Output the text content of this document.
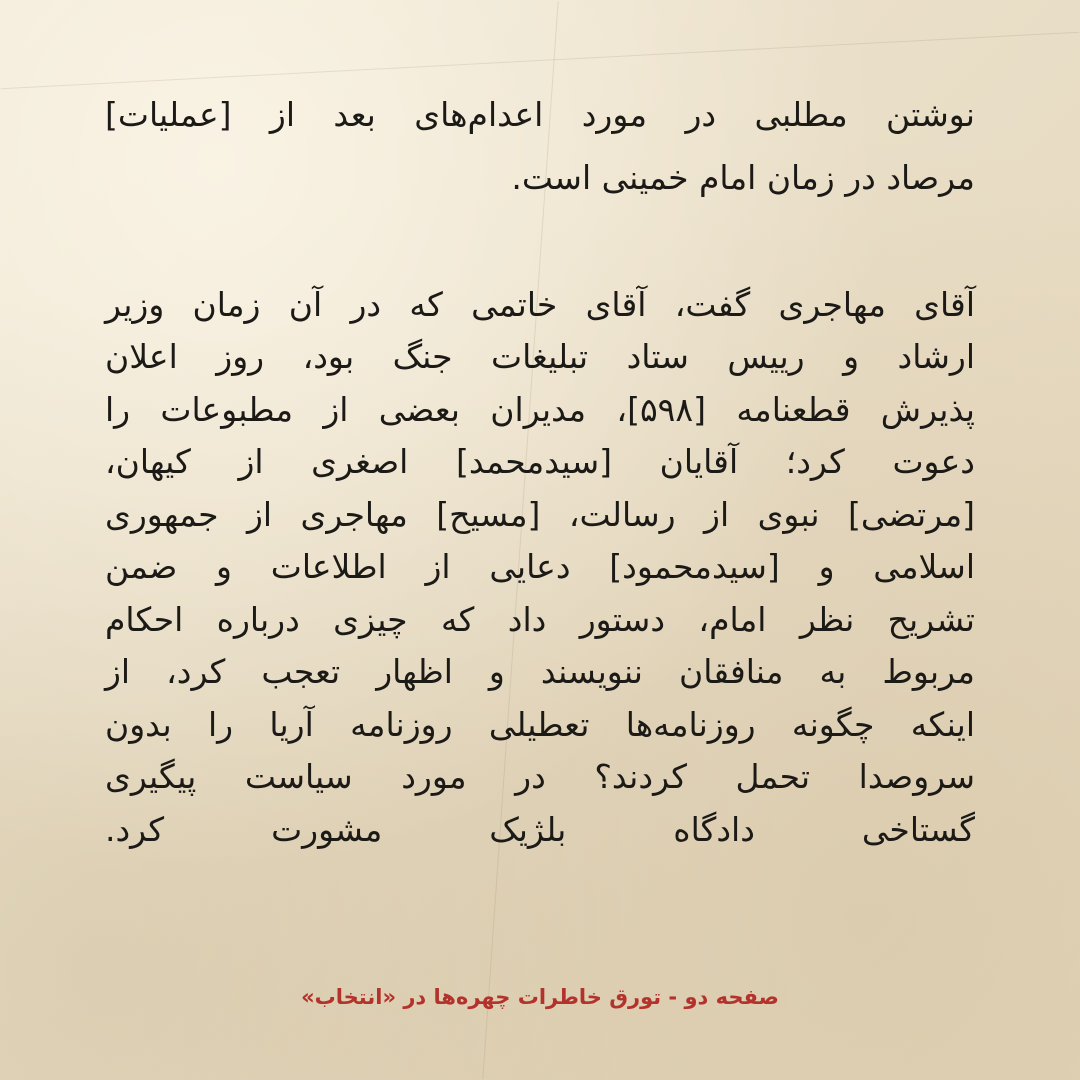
نوشتن مطلبی در مورد اعدام‌های بعد از [عملیات]
مرصاد در زمان امام خمینی است.
آقای مهاجری گفت، آقای خاتمی که در آن زمان وزیر
ارشاد و رییس ستاد تبلیغات جنگ بود، روز اعلان
پذیرش قطعنامه [۵۹۸]، مدیران بعضی از مطبوعات را
دعوت کرد؛ آقایان [سیدمحمد] اصغری از کیهان،
[مرتضی] نبوی از رسالت، [مسیح] مهاجری از جمهوری
اسلامی و [سیدمحمود] دعایی از اطلاعات و ضمن
تشریح نظر امام، دستور داد که چیزی درباره احکام
مربوط به منافقان ننویسند و اظهار تعجب کرد، از
اینکه چگونه روزنامه‌ها تعطیلی روزنامه آریا را بدون
سروصدا تحمل کردند؟ در مورد سیاست پیگیری
گستاخی دادگاه بلژیک مشورت کرد.
صفحه دو - تورق خاطرات چهره‌ها در «انتخاب»
